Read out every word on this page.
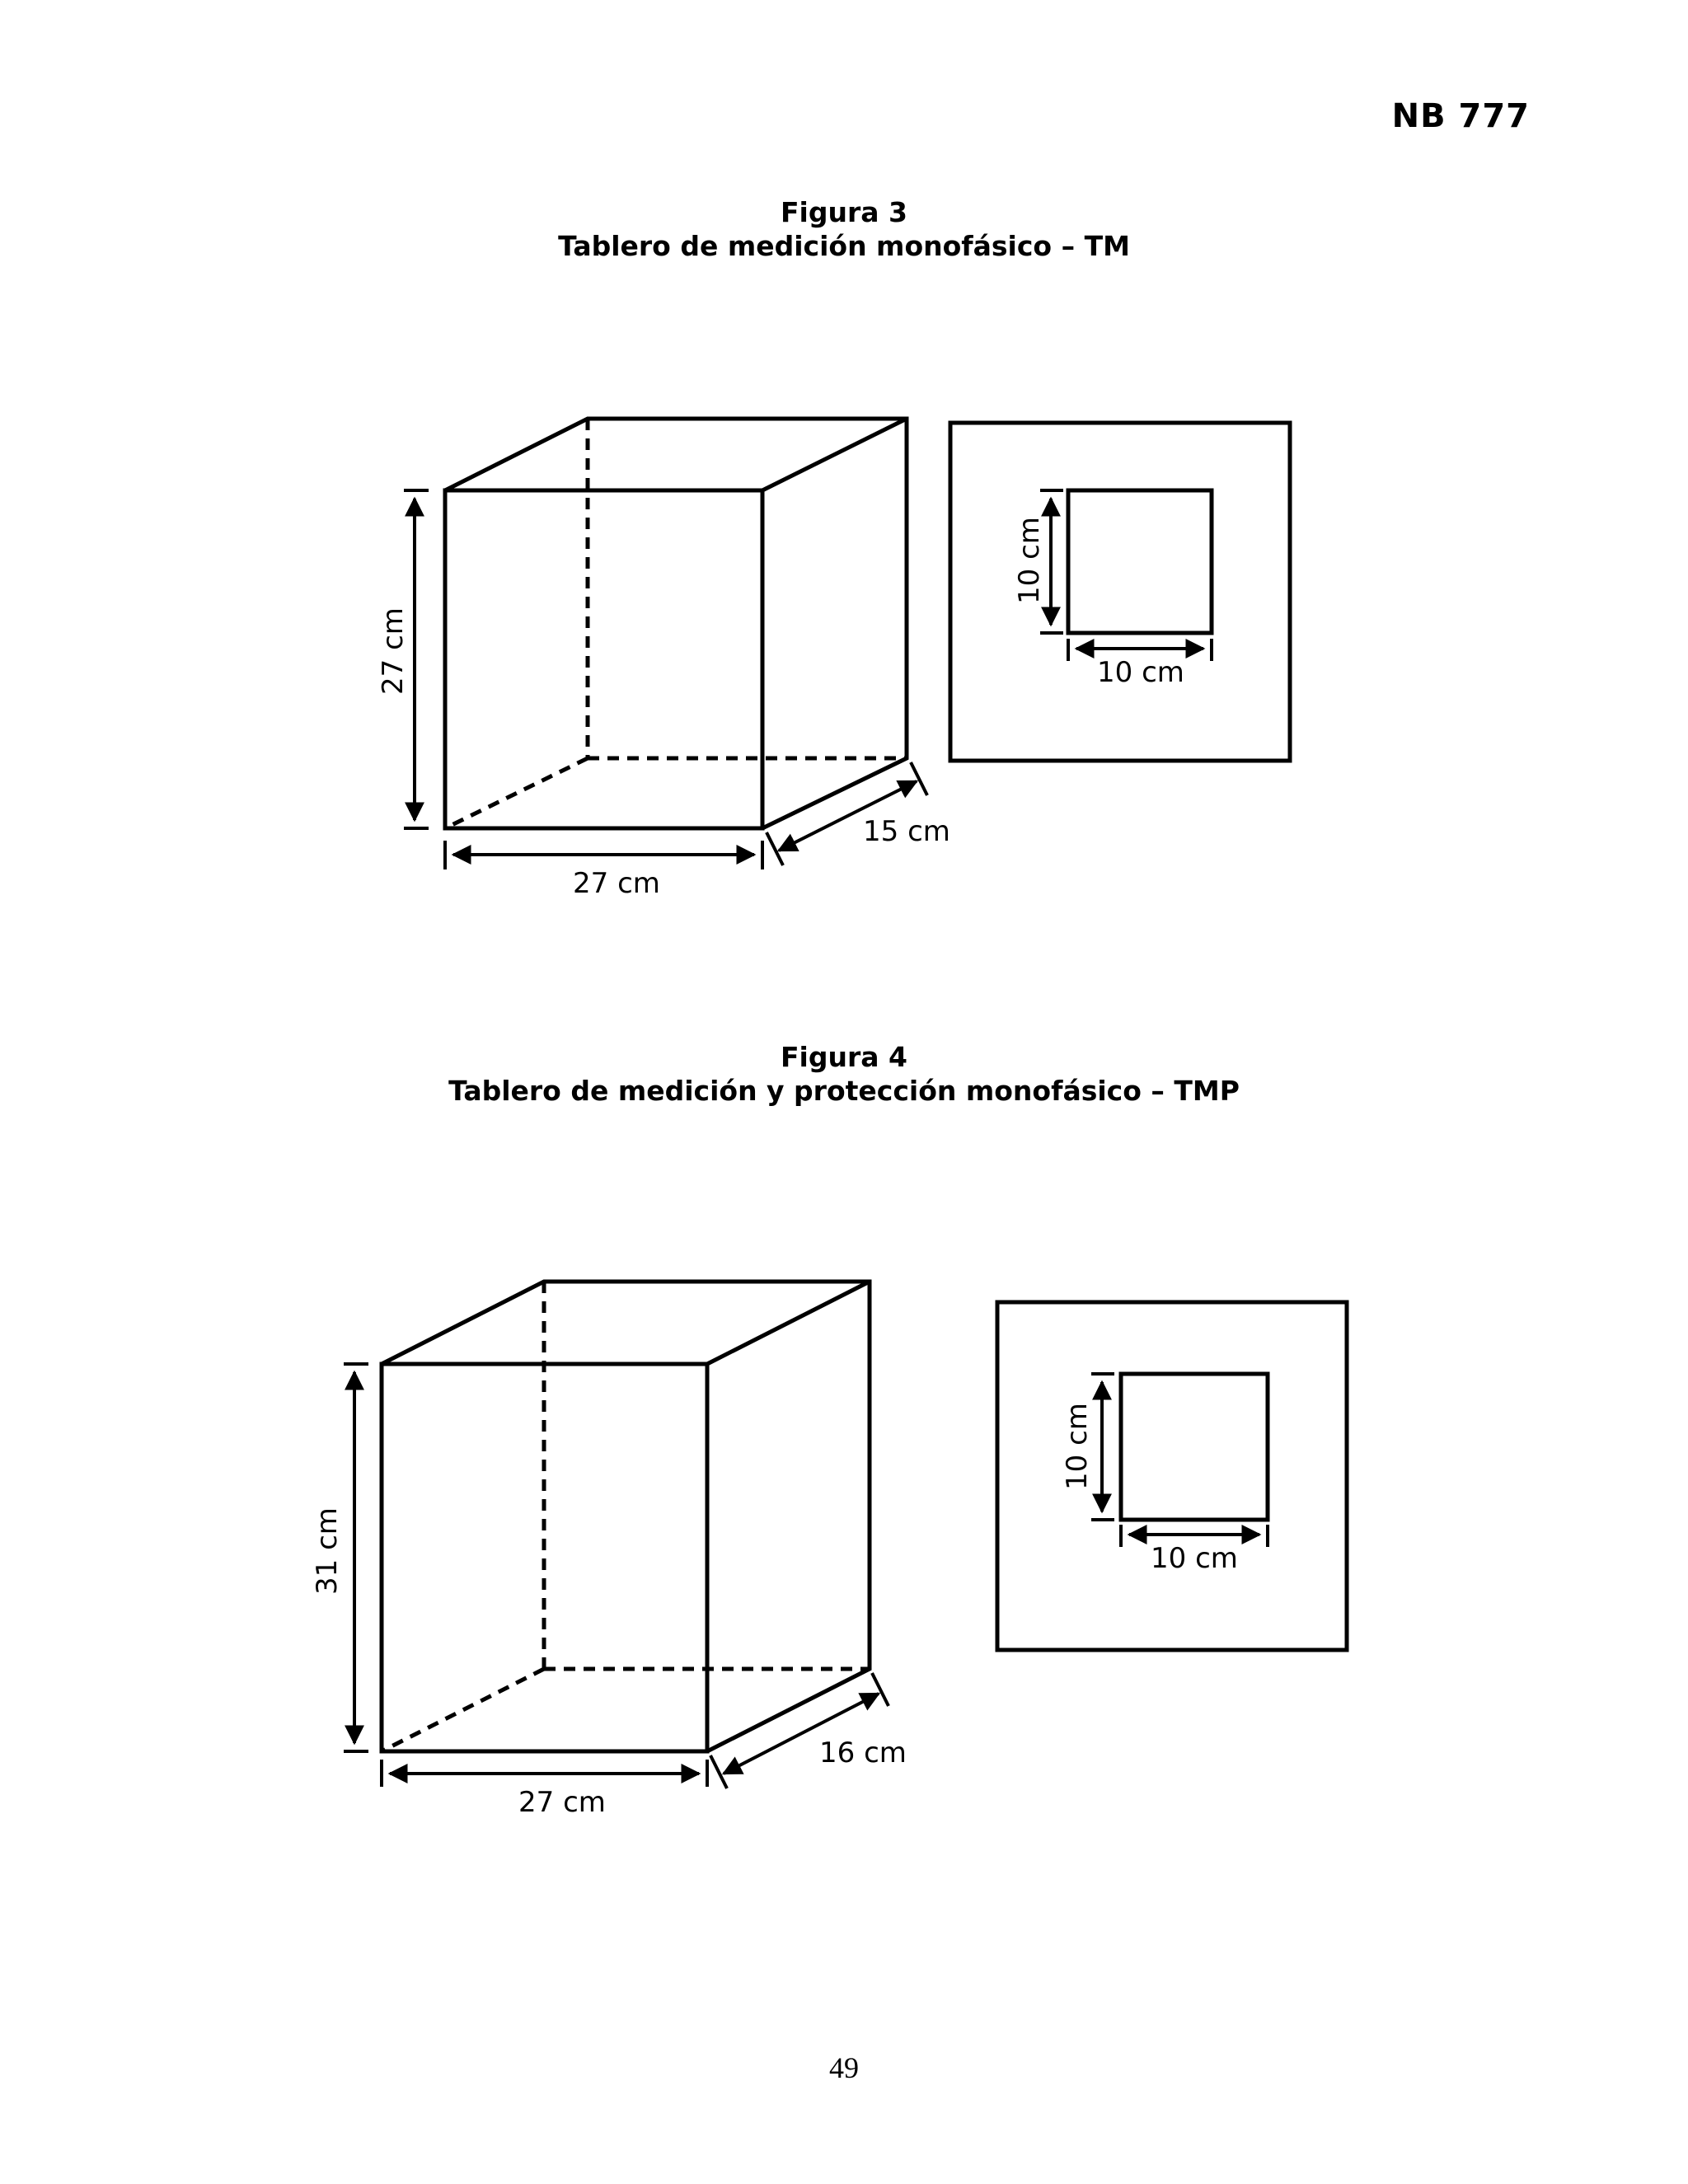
NB 777
Figura 3
Tablero de medición monofásico – TM
27 cm
27 cm
15 cm
10 cm
10 cm
Figura 4
Tablero de medición y protección monofásico – TMP
31 cm
27 cm
16 cm
10 cm
10 cm
49
